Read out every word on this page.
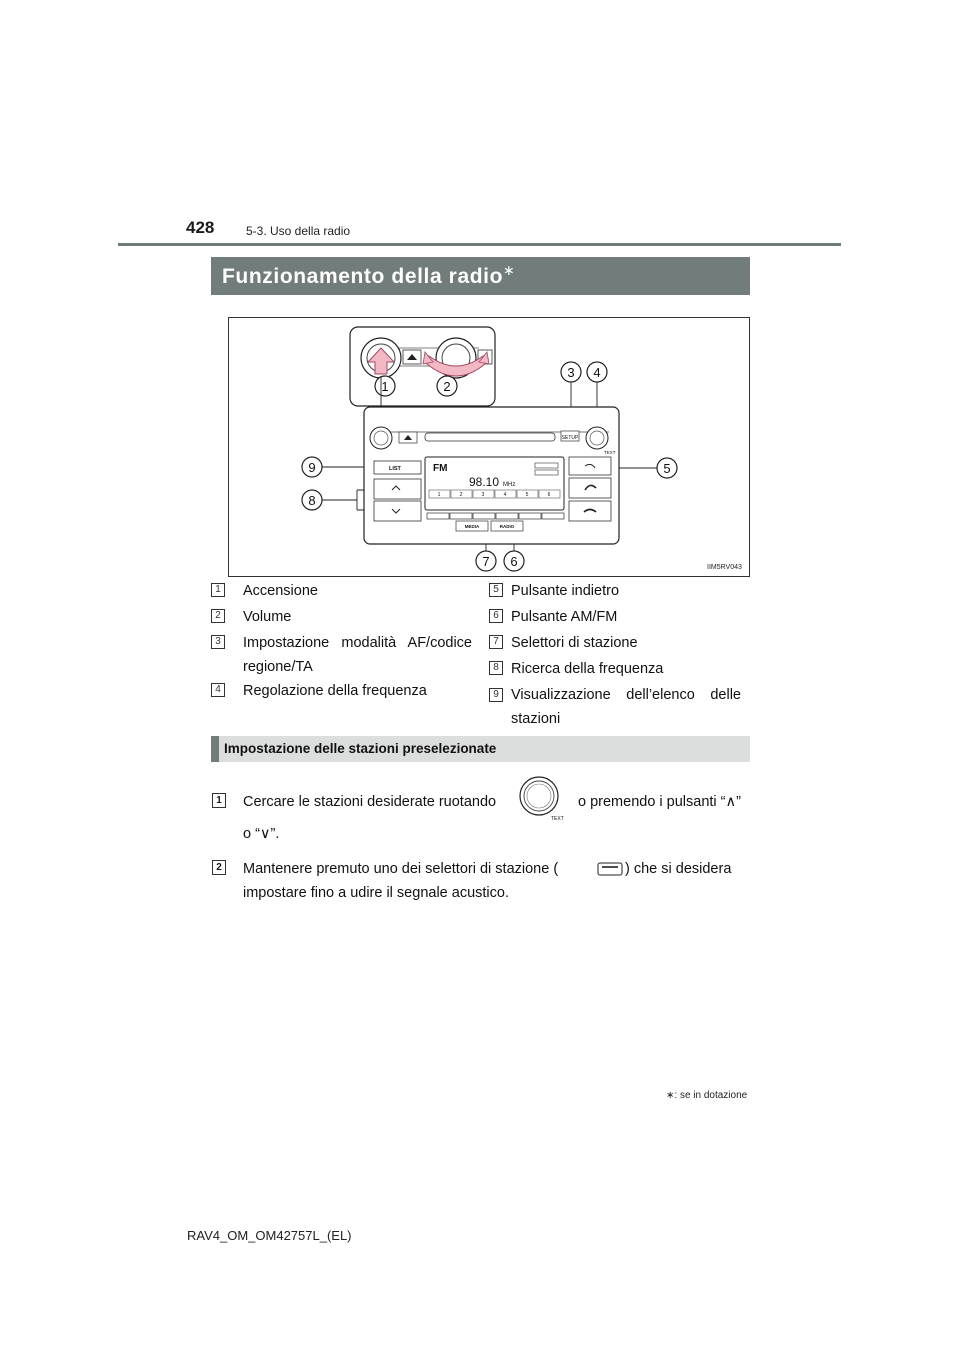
428	5-3. Uso della radio
Funzionamento della radio∗
1	2
3 4
5
6
7
8
9
SETUP
TEXT
LIST	FM
98.10 MHz
1	2	3	4	5	6
MEDIA	RADIO
IIM5RV043
1 Accensione
2 Volume
3 Impostazione modalità AF/codice regione/TA
4 Regolazione della frequenza
5 Pulsante indietro
6 Pulsante AM/FM
7 Selettori di stazione
8 Ricerca della frequenza
9 Visualizzazione dell’elenco delle stazioni
Impostazione delle stazioni preselezionate
1 Cercare le stazioni desiderate ruotando
TEXT
o premendo i pulsanti “∧”
o “∨”.
2 Mantenere premuto uno dei selettori di stazione (	) che si desidera
impostare fino a udire il segnale acustico.
∗: se in dotazione
RAV4_OM_OM42757L_(EL)
